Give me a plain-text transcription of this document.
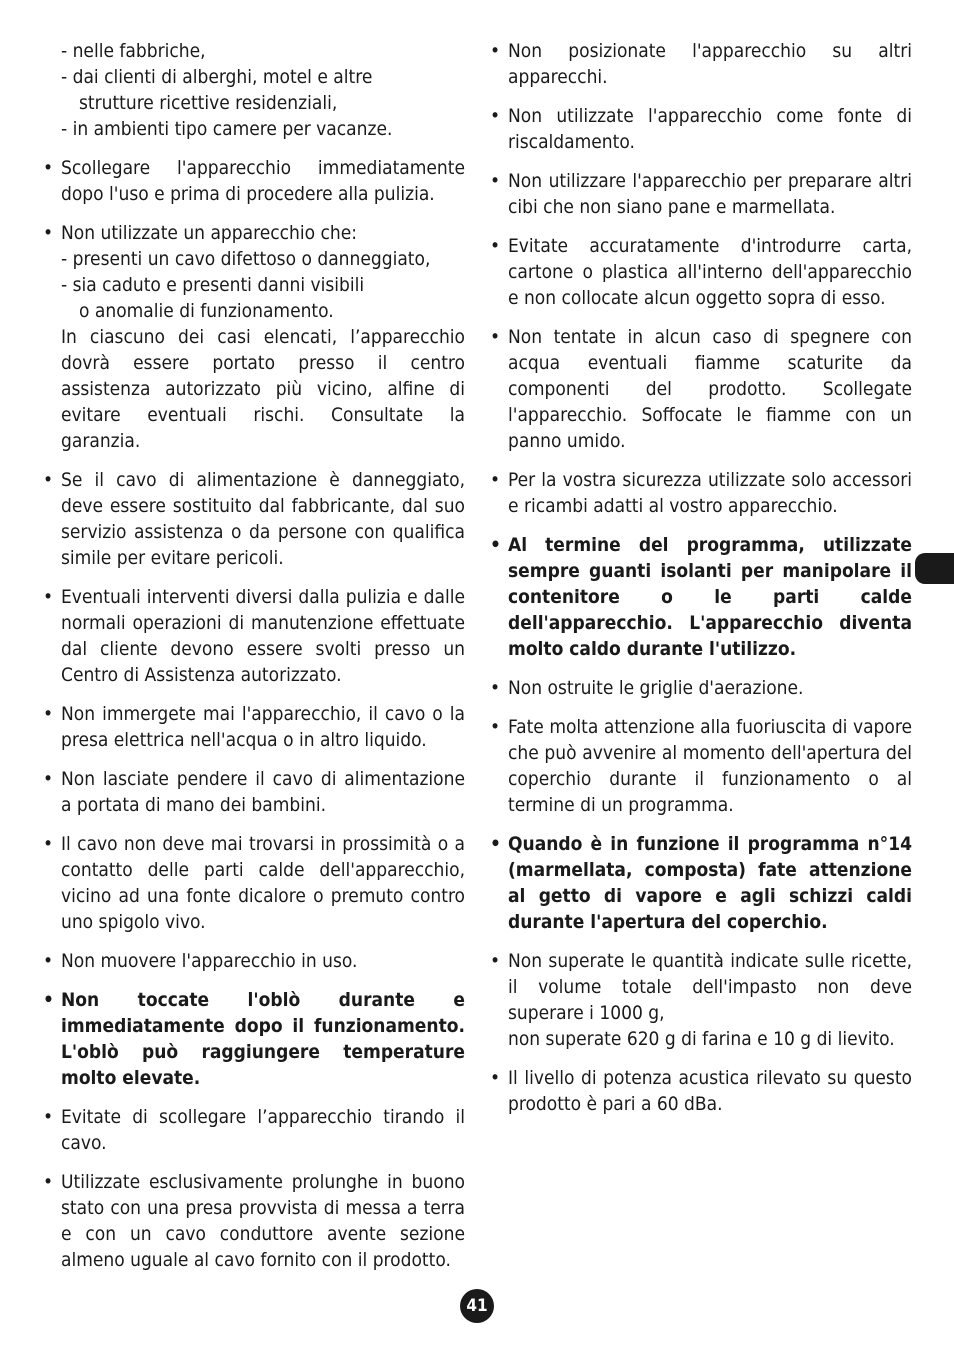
- nelle fabbriche,
- dai clienti di alberghi, motel e altre
strutture ricettive residenziali,
- in ambienti tipo camere per vacanze.
• Scollegare l'apparecchio immediatamente dopo l'uso e prima di procedere alla pulizia.
• Non utilizzate un apparecchio che:
- presenti un cavo difettoso o danneggiato,
- sia caduto e presenti danni visibili
o anomalie di funzionamento.
In ciascuno dei casi elencati, l’apparecchio dovrà essere portato presso il centro assistenza autorizzato più vicino, alfine di evitare eventuali rischi. Consultate la garanzia.
• Se il cavo di alimentazione è danneggiato, deve essere sostituito dal fabbricante, dal suo servizio assistenza o da persone con qualifica simile per evitare pericoli.
• Eventuali interventi diversi dalla pulizia e dalle normali operazioni di manutenzione effettuate dal cliente devono essere svolti presso un Centro di Assistenza autorizzato.
• Non immergete mai l'apparecchio, il cavo o la presa elettrica nell'acqua o in altro liquido.
• Non lasciate pendere il cavo di alimentazione a portata di mano dei bambini.
• Il cavo non deve mai trovarsi in prossimità o a contatto delle parti calde dell'apparecchio, vicino ad una fonte dicalore o premuto contro uno spigolo vivo.
• Non muovere l'apparecchio in uso.
• Non toccate l'oblò durante e immediatamente dopo il funzionamento. L'oblò può raggiungere temperature molto elevate.
• Evitate di scollegare l’apparecchio tirando il cavo.
• Utilizzate esclusivamente prolunghe in buono stato con una presa provvista di messa a terra e con un cavo conduttore avente sezione almeno uguale al cavo fornito con il prodotto.
• Non posizionate l'apparecchio su altri apparecchi.
• Non utilizzate l'apparecchio come fonte di riscaldamento.
• Non utilizzare l'apparecchio per preparare altri cibi che non siano pane e marmellata.
• Evitate accuratamente d'introdurre carta, cartone o plastica all'interno dell'apparecchio e non collocate alcun oggetto sopra di esso.
• Non tentate in alcun caso di spegnere con acqua eventuali fiamme scaturite da componenti del prodotto. Scollegate l'apparecchio. Soffocate le fiamme con un panno umido.
• Per la vostra sicurezza utilizzate solo accessori e ricambi adatti al vostro apparecchio.
• Al termine del programma, utilizzate sempre guanti isolanti per manipolare il contenitore o le parti calde dell'apparecchio. L'apparecchio diventa molto caldo durante l'utilizzo.
• Non ostruite le griglie d'aerazione.
• Fate molta attenzione alla fuoriuscita di vapore che può avvenire al momento dell'apertura del coperchio durante il funzionamento o al termine di un programma.
• Quando è in funzione il programma n°14 (marmellata, composta) fate attenzione al getto di vapore e agli schizzi caldi durante l'apertura del coperchio.
• Non superate le quantità indicate sulle ricette, il volume totale dell'impasto non deve superare i 1000 g,
non superate 620 g di farina e 10 g di lievito.
• Il livello di potenza acustica rilevato su questo prodotto è pari a 60 dBa.
41
